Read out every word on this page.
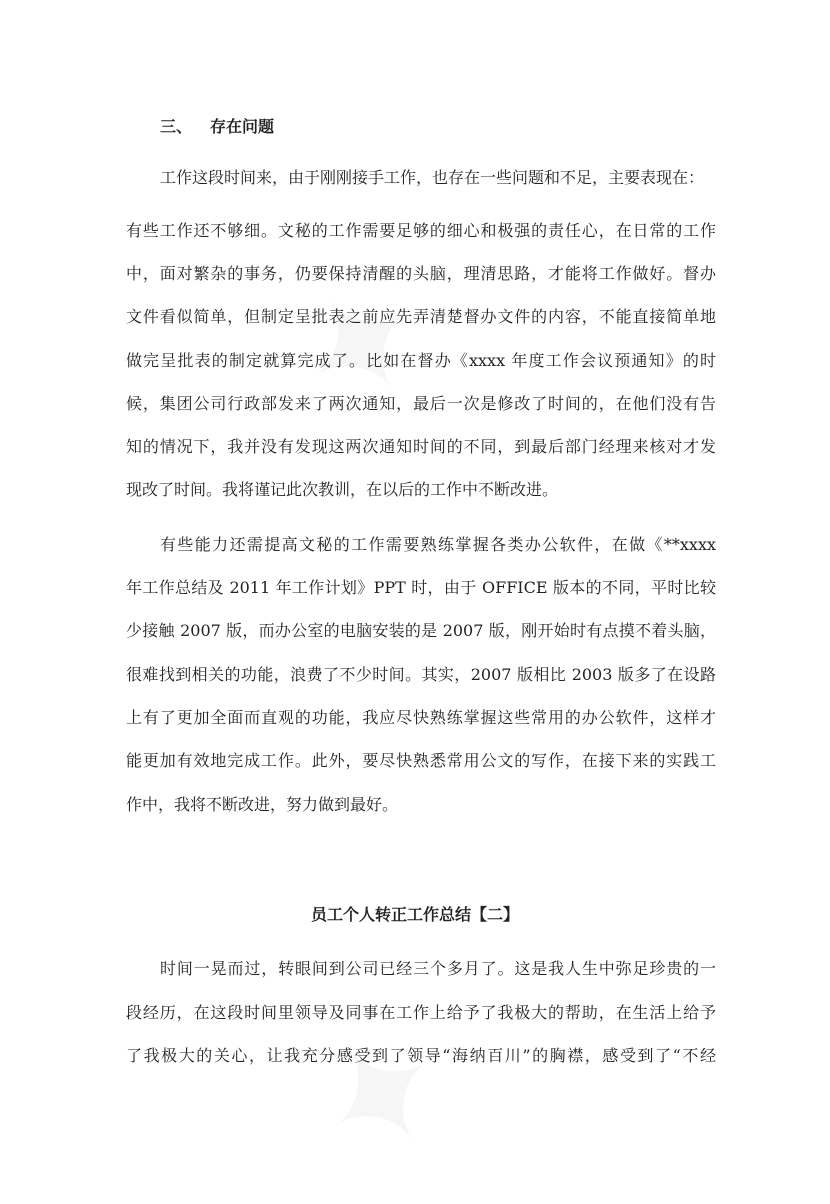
三、 存在问题
工作这段时间来，由于刚刚接手工作，也存在一些问题和不足，主要表现在：
有些工作还不够细。文秘的工作需要足够的细心和极强的责任心，在日常的工作
中，面对繁杂的事务，仍要保持清醒的头脑，理清思路，才能将工作做好。督办
文件看似简单，但制定呈批表之前应先弄清楚督办文件的内容，不能直接简单地
做完呈批表的制定就算完成了。比如在督办《xxxx 年度工作会议预通知》的时
候，集团公司行政部发来了两次通知，最后一次是修改了时间的，在他们没有告
知的情况下，我并没有发现这两次通知时间的不同，到最后部门经理来核对才发
现改了时间。我将谨记此次教训，在以后的工作中不断改进。
有些能力还需提高文秘的工作需要熟练掌握各类办公软件，在做《**xxxx
年工作总结及 2011 年工作计划》PPT 时，由于 OFFICE 版本的不同，平时比较
少接触 2007 版，而办公室的电脑安装的是 2007 版，刚开始时有点摸不着头脑，
很难找到相关的功能，浪费了不少时间。其实，2007 版相比 2003 版多了在设路
上有了更加全面而直观的功能，我应尽快熟练掌握这些常用的办公软件，这样才
能更加有效地完成工作。此外，要尽快熟悉常用公文的写作，在接下来的实践工
作中，我将不断改进，努力做到最好。
员工个人转正工作总结【二】
时间一晃而过，转眼间到公司已经三个多月了。这是我人生中弥足珍贵的一
段经历，在这段时间里领导及同事在工作上给予了我极大的帮助，在生活上给予
了我极大的关心，让我充分感受到了领导“海纳百川”的胸襟，感受到了“不经
